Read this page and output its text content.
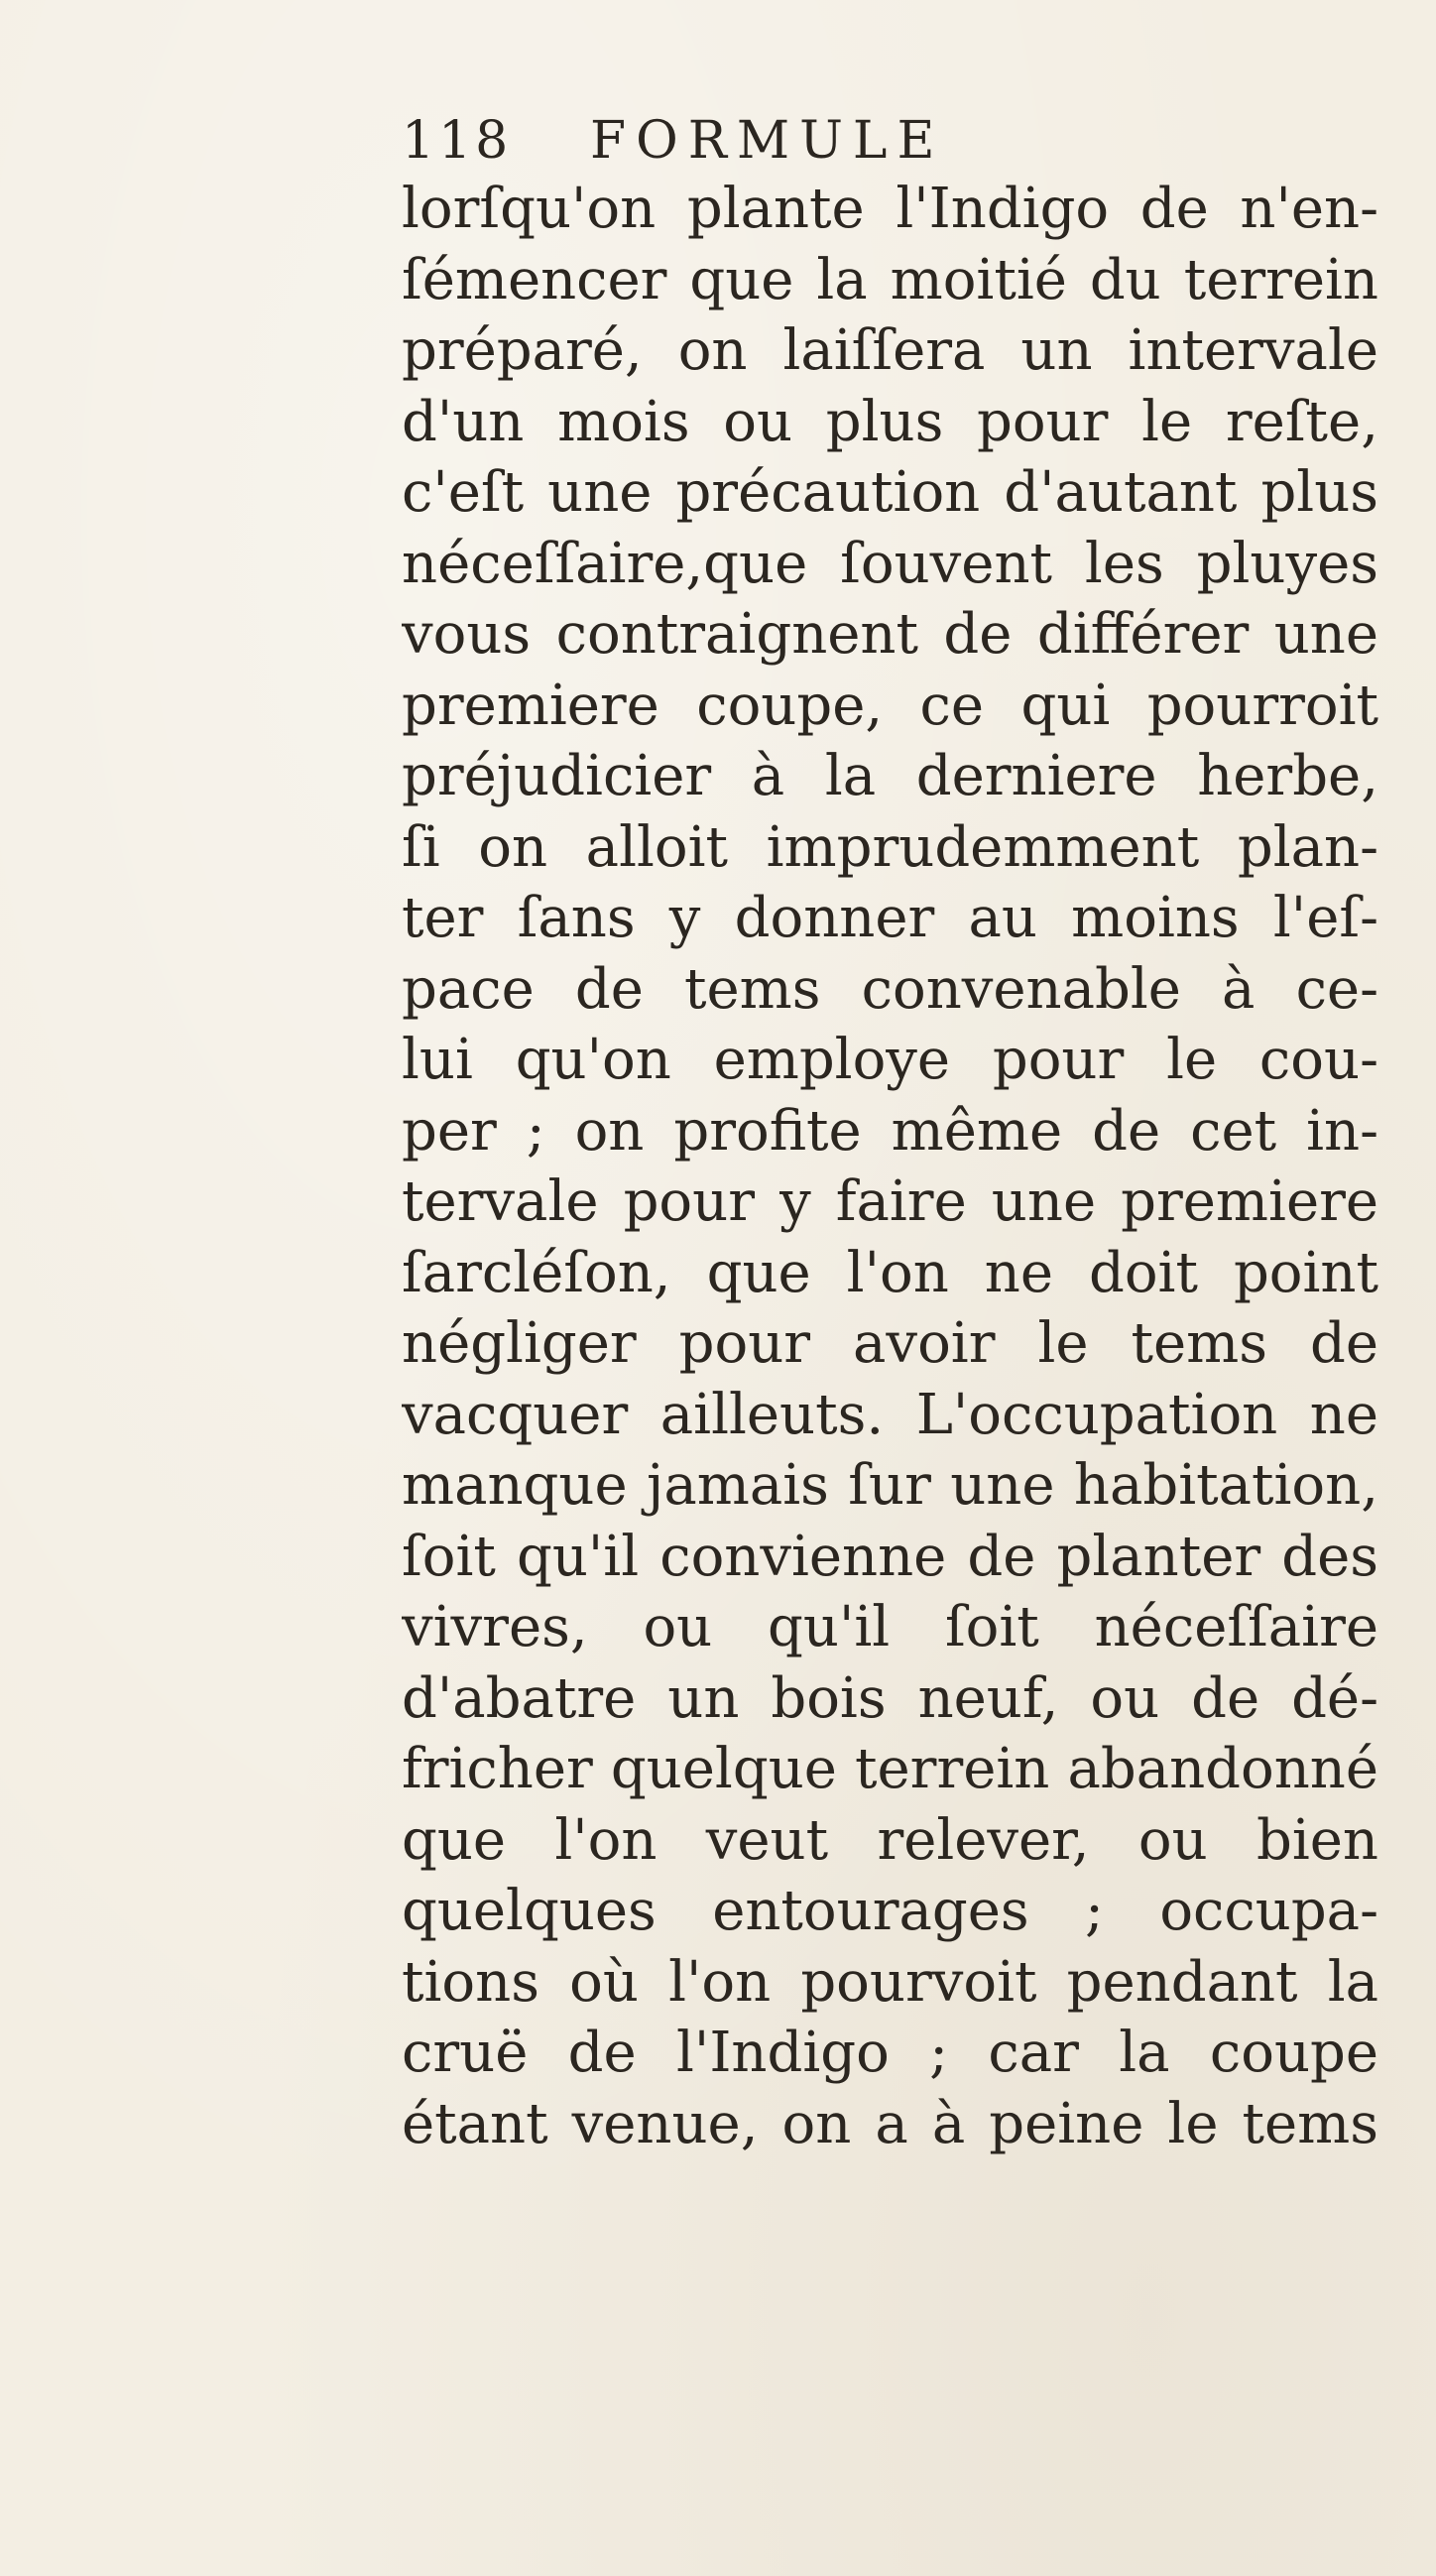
118	FORMULE
lorſqu'on plante l'Indigo de n'en-
ſémencer que la moitié du terrein
préparé, on laiſſera un intervale
d'un mois ou plus pour le reſte,
c'eſt une précaution d'autant plus
néceſſaire,que ſouvent les pluyes
vous contraignent de différer une
premiere coupe, ce qui pourroit
préjudicier à la derniere herbe,
ſi on alloit imprudemment plan-
ter ſans y donner au moins l'eſ-
pace de tems convenable à ce-
lui qu'on employe pour le cou-
per ; on profite même de cet in-
tervale pour y faire une premiere
ſarcléſon, que l'on ne doit point
négliger pour avoir le tems de
vacquer ailleuts. L'occupation ne
manque jamais ſur une habitation,
ſoit qu'il convienne de planter des
vivres, ou qu'il ſoit néceſſaire
d'abatre un bois neuf, ou de dé-
fricher quelque terrein abandonné
que l'on veut relever, ou bien
quelques entourages ; occupa-
tions où l'on pourvoit pendant la
cruë de l'Indigo ; car la coupe
étant venue, on a à peine le tems
